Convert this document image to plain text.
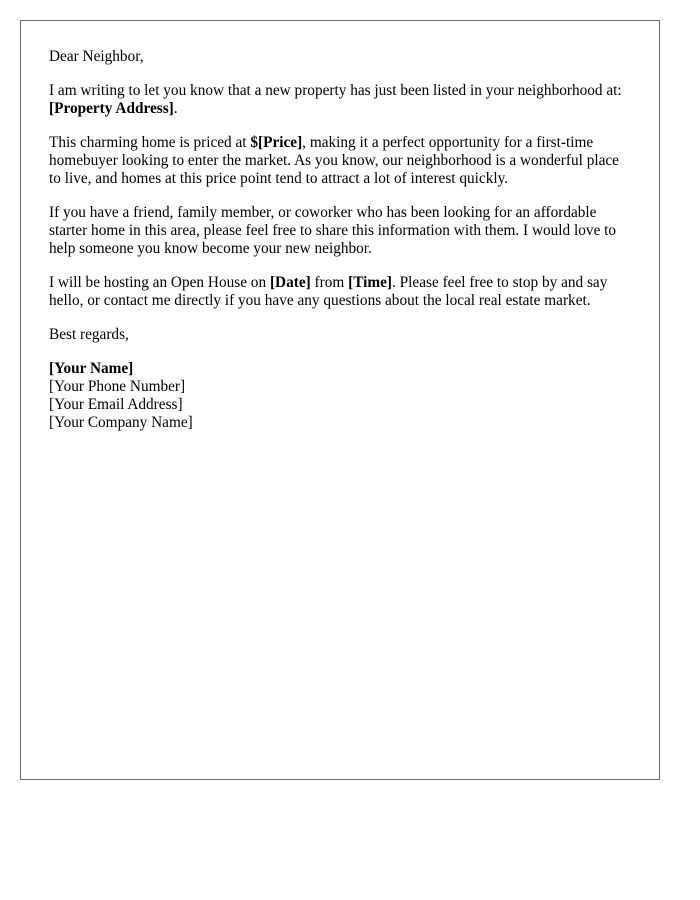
Dear Neighbor,

I am writing to let you know that a new property has just been listed in your neighborhood at: [Property Address].

This charming home is priced at $[Price], making it a perfect opportunity for a first-time homebuyer looking to enter the market. As you know, our neighborhood is a wonderful place to live, and homes at this price point tend to attract a lot of interest quickly.

If you have a friend, family member, or coworker who has been looking for an affordable starter home in this area, please feel free to share this information with them. I would love to help someone you know become your new neighbor.

I will be hosting an Open House on [Date] from [Time]. Please feel free to stop by and say hello, or contact me directly if you have any questions about the local real estate market.

Best regards,

[Your Name]
[Your Phone Number]
[Your Email Address]
[Your Company Name]
